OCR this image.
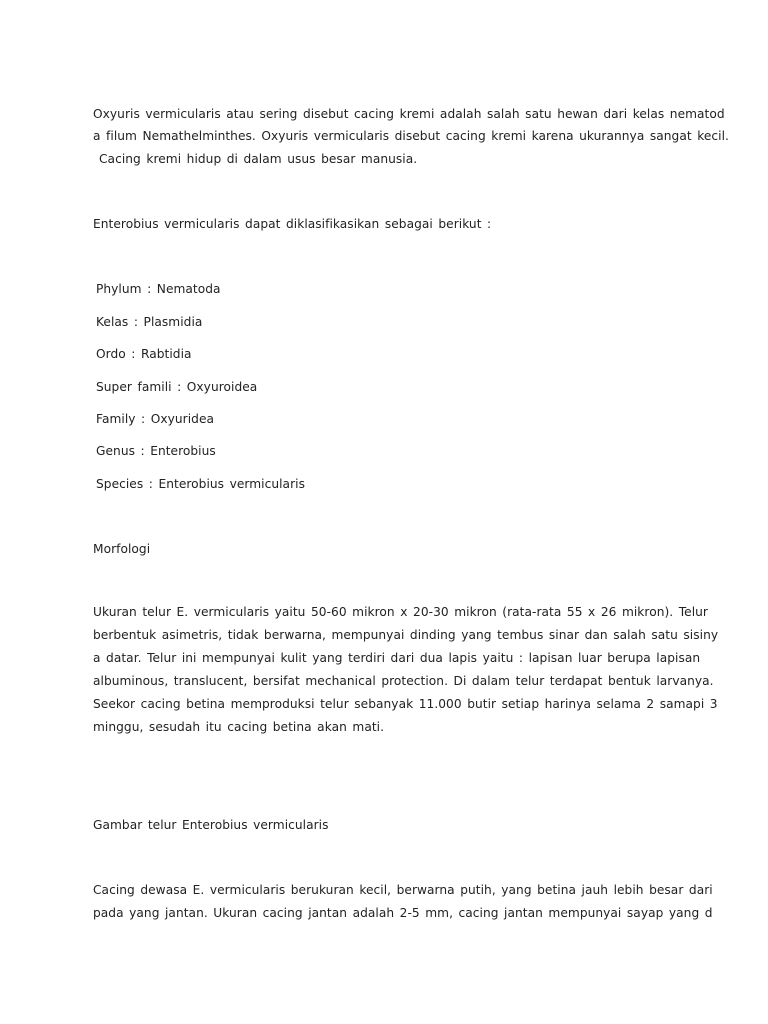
Oxyuris vermicularis atau sering disebut cacing kremi adalah salah satu hewan dari kelas nematod
a filum Nemathelminthes. Oxyuris vermicularis disebut cacing kremi karena ukurannya sangat kecil.
Cacing kremi hidup di dalam usus besar manusia.
Enterobius vermicularis dapat diklasifikasikan sebagai berikut :
Phylum : Nematoda
Kelas : Plasmidia
Ordo : Rabtidia
Super famili : Oxyuroidea
Family : Oxyuridea
Genus : Enterobius
Species : Enterobius vermicularis
Morfologi
Ukuran telur E. vermicularis yaitu 50-60 mikron x 20-30 mikron (rata-rata 55 x 26 mikron). Telur
berbentuk asimetris, tidak berwarna, mempunyai dinding yang tembus sinar dan salah satu sisiny
a datar. Telur ini mempunyai kulit yang terdiri dari dua lapis yaitu : lapisan luar berupa lapisan
albuminous, translucent, bersifat mechanical protection. Di dalam telur terdapat bentuk larvanya.
Seekor cacing betina memproduksi telur sebanyak 11.000 butir setiap harinya selama 2 samapi 3
minggu, sesudah itu cacing betina akan mati.
Gambar telur Enterobius vermicularis
Cacing dewasa E. vermicularis berukuran kecil, berwarna putih, yang betina jauh lebih besar dari
pada yang jantan. Ukuran cacing jantan adalah 2-5 mm, cacing jantan mempunyai sayap yang d
